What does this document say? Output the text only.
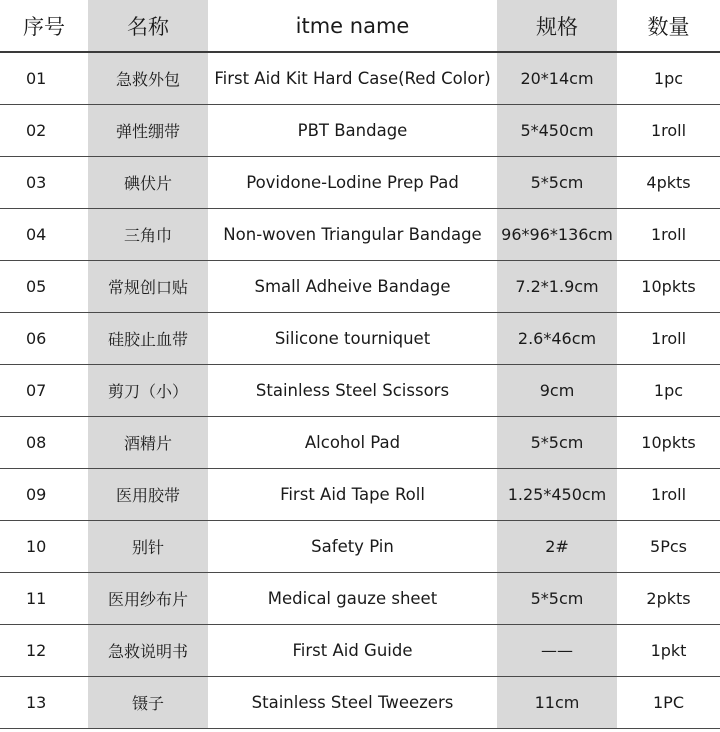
序号	名称	itme name	规格	数量
01	急救外包	First Aid Kit Hard Case(Red Color)	20*14cm	1pc
02	弹性绷带	PBT Bandage	5*450cm	1roll
03	碘伏片	Povidone-Lodine Prep Pad	5*5cm	4pkts
04	三角巾	Non-woven Triangular Bandage	96*96*136cm	1roll
05	常规创口贴	Small Adheive Bandage	7.2*1.9cm	10pkts
06	硅胶止血带	Silicone tourniquet	2.6*46cm	1roll
07	剪刀（小）	Stainless Steel Scissors	9cm	1pc
08	酒精片	Alcohol Pad	5*5cm	10pkts
09	医用胶带	First Aid Tape Roll	1.25*450cm	1roll
10	别针	Safety Pin	2#	5Pcs
11	医用纱布片	Medical gauze sheet	5*5cm	2pkts
12	急救说明书	First Aid Guide	——	1pkt
13	镊子	Stainless Steel Tweezers	11cm	1PC
